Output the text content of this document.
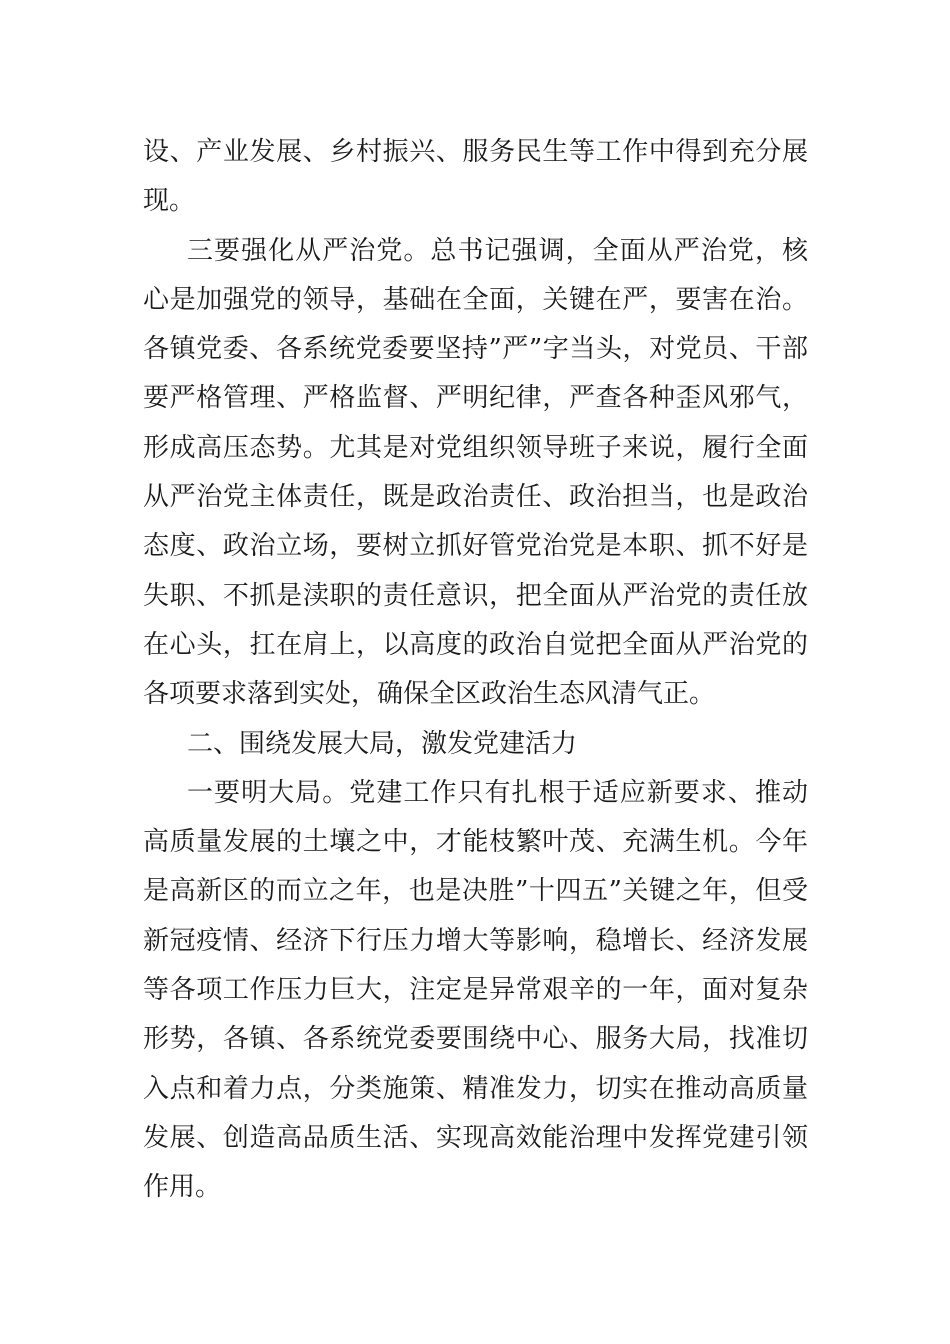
设、产业发展、乡村振兴、服务民生等工作中得到充分展现。

三要强化从严治党。总书记强调，全面从严治党，核心是加强党的领导，基础在全面，关键在严，要害在治。各镇党委、各系统党委要坚持”严”字当头，对党员、干部要严格管理、严格监督、严明纪律，严查各种歪风邪气，形成高压态势。尤其是对党组织领导班子来说，履行全面从严治党主体责任，既是政治责任、政治担当，也是政治态度、政治立场，要树立抓好管党治党是本职、抓不好是失职、不抓是渎职的责任意识，把全面从严治党的责任放在心头，扛在肩上，以高度的政治自觉把全面从严治党的各项要求落到实处，确保全区政治生态风清气正。

二、围绕发展大局，激发党建活力

一要明大局。党建工作只有扎根于适应新要求、推动高质量发展的土壤之中，才能枝繁叶茂、充满生机。今年是高新区的而立之年，也是决胜”十四五”关键之年，但受新冠疫情、经济下行压力增大等影响，稳增长、经济发展等各项工作压力巨大，注定是异常艰辛的一年，面对复杂形势，各镇、各系统党委要围绕中心、服务大局，找准切入点和着力点，分类施策、精准发力，切实在推动高质量发展、创造高品质生活、实现高效能治理中发挥党建引领作用。
